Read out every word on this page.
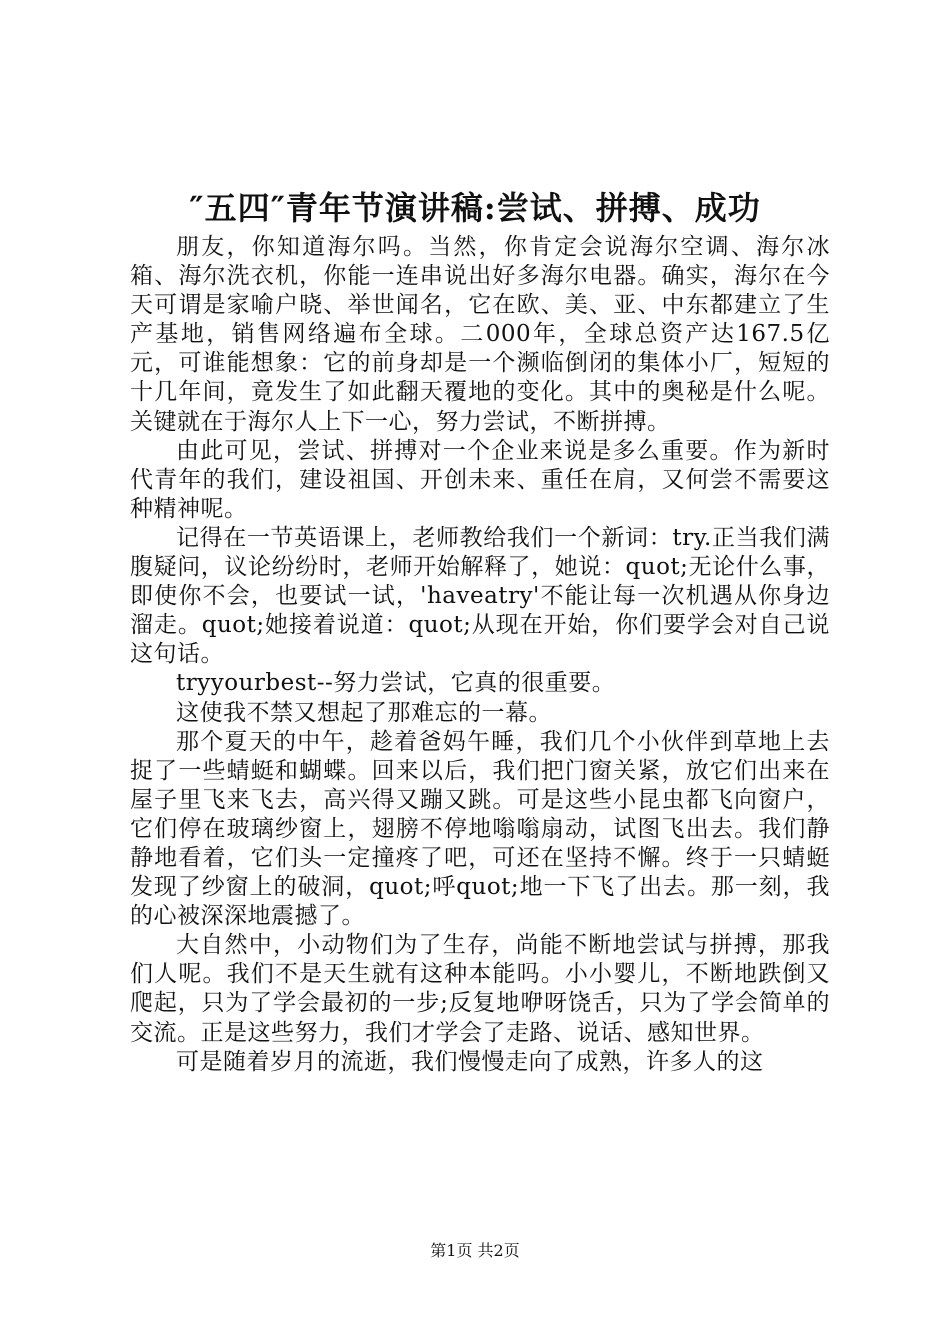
″五四″青年节演讲稿:尝试、拼搏、成功

朋友，你知道海尔吗。当然，你肯定会说海尔空调、海尔冰箱、海尔洗衣机，你能一连串说出好多海尔电器。确实，海尔在今天可谓是家喻户晓、举世闻名，它在欧、美、亚、中东都建立了生产基地，销售网络遍布全球。二000年，全球总资产达167.5亿元，可谁能想象：它的前身却是一个濒临倒闭的集体小厂，短短的十几年间，竟发生了如此翻天覆地的变化。其中的奥秘是什么呢。关键就在于海尔人上下一心，努力尝试，不断拼搏。

由此可见，尝试、拼搏对一个企业来说是多么重要。作为新时代青年的我们，建设祖国、开创未来、重任在肩，又何尝不需要这种精神呢。

记得在一节英语课上，老师教给我们一个新词：try.正当我们满腹疑问，议论纷纷时，老师开始解释了，她说：quot;无论什么事，即使你不会，也要试一试，'haveatry'不能让每一次机遇从你身边溜走。quot;她接着说道：quot;从现在开始，你们要学会对自己说这句话。

tryyourbest--努力尝试，它真的很重要。

这使我不禁又想起了那难忘的一幕。

那个夏天的中午，趁着爸妈午睡，我们几个小伙伴到草地上去捉了一些蜻蜓和蝴蝶。回来以后，我们把门窗关紧，放它们出来在屋子里飞来飞去，高兴得又蹦又跳。可是这些小昆虫都飞向窗户，它们停在玻璃纱窗上，翅膀不停地嗡嗡扇动，试图飞出去。我们静静地看着，它们头一定撞疼了吧，可还在坚持不懈。终于一只蜻蜓发现了纱窗上的破洞，quot;呼quot;地一下飞了出去。那一刻，我的心被深深地震撼了。

大自然中，小动物们为了生存，尚能不断地尝试与拼搏，那我们人呢。我们不是天生就有这种本能吗。小小婴儿，不断地跌倒又爬起，只为了学会最初的一步;反复地咿呀饶舌，只为了学会简单的交流。正是这些努力，我们才学会了走路、说话、感知世界。

可是随着岁月的流逝，我们慢慢走向了成熟，许多人的这

第1页 共2页
